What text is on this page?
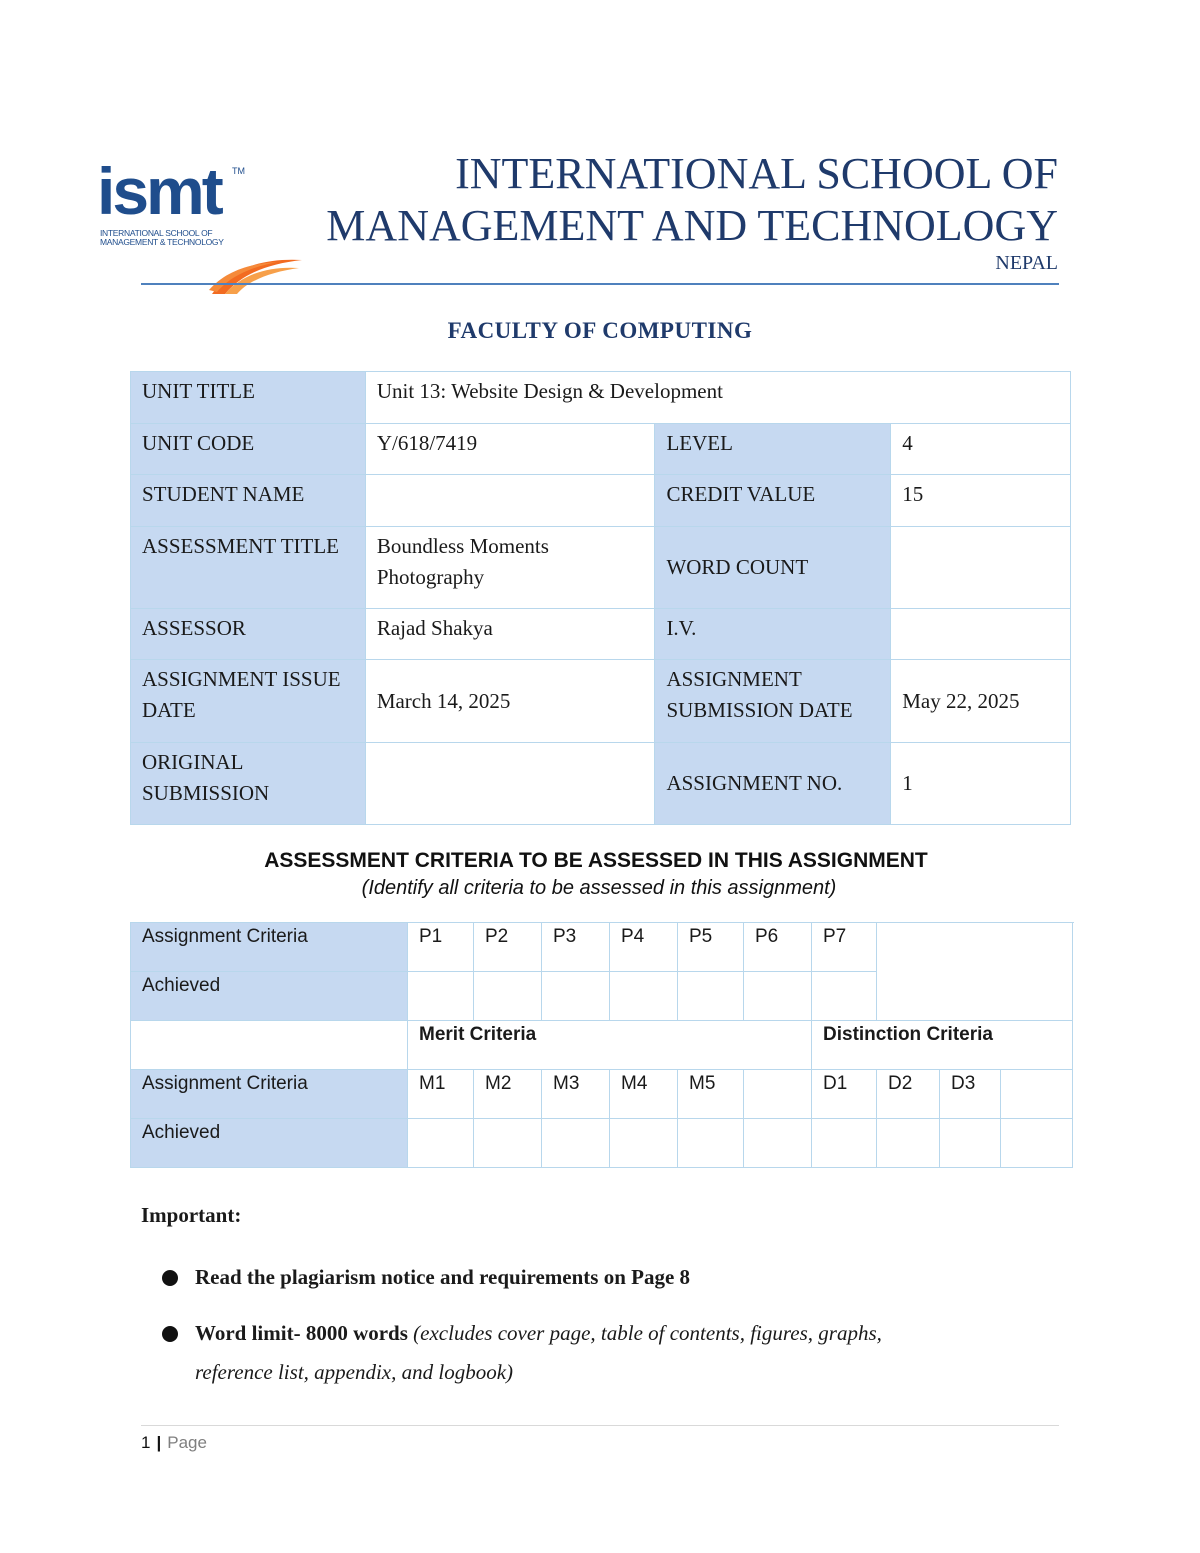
ismt TM
INTERNATIONAL SCHOOL OF
MANAGEMENT & TECHNOLOGY
INTERNATIONAL SCHOOL OF
MANAGEMENT AND TECHNOLOGY
NEPAL
FACULTY OF COMPUTING
UNIT TITLE	Unit 13: Website Design & Development		
UNIT CODE	Y/618/7419	LEVEL	4
STUDENT NAME		CREDIT VALUE	15
ASSESSMENT TITLE	Boundless Moments Photography	WORD COUNT	
ASSESSOR	Rajad Shakya	I.V.	
ASSIGNMENT ISSUE DATE	March 14, 2025	ASSIGNMENT SUBMISSION DATE	May 22, 2025
ORIGINAL SUBMISSION		ASSIGNMENT NO.	1
ASSESSMENT CRITERIA TO BE ASSESSED IN THIS ASSIGNMENT
(Identify all criteria to be assessed in this assignment)
Assignment Criteria	P1	P2	P3	P4	P5	P6	P7			
Achieved										
	Merit Criteria						Distinction Criteria			
Assignment Criteria	M1	M2	M3	M4	M5		D1	D2	D3	
Achieved										
Important:
Read the plagiarism notice and requirements on Page 8
Word limit- 8000 words (excludes cover page, table of contents, figures, graphs,
reference list, appendix, and logbook)
1 | Page
